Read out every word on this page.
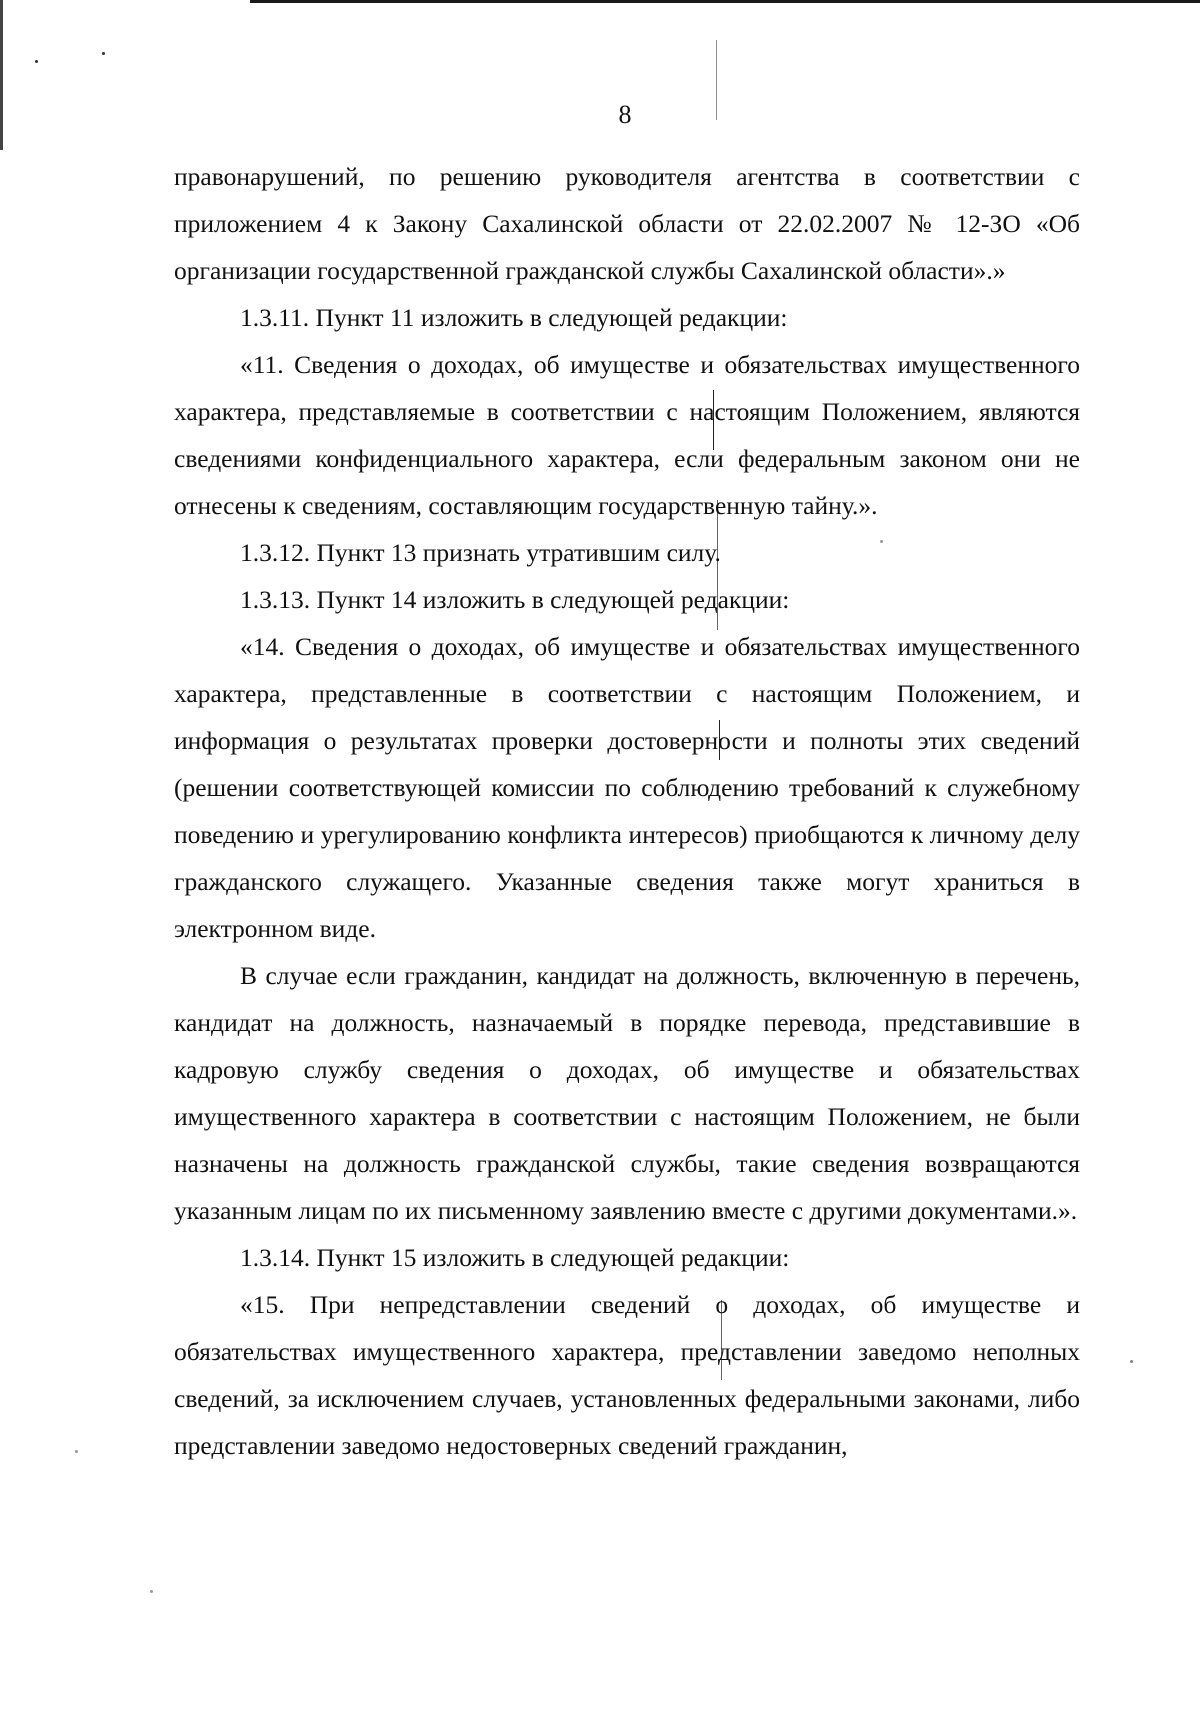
8

правонарушений, по решению руководителя агентства в соответствии с приложением 4 к Закону Сахалинской области от 22.02.2007 № 12-ЗО «Об организации государственной гражданской службы Сахалинской области».»

1.3.11. Пункт 11 изложить в следующей редакции:

«11. Сведения о доходах, об имуществе и обязательствах имущественного характера, представляемые в соответствии с настоящим Положением, являются сведениями конфиденциального характера, если федеральным законом они не отнесены к сведениям, составляющим государственную тайну.».

1.3.12. Пункт 13 признать утратившим силу.

1.3.13. Пункт 14 изложить в следующей редакции:

«14. Сведения о доходах, об имуществе и обязательствах имущественного характера, представленные в соответствии с настоящим Положением, и информация о результатах проверки достоверности и полноты этих сведений (решении соответствующей комиссии по соблюдению требований к служебному поведению и урегулированию конфликта интересов) приобщаются к личному делу гражданского служащего. Указанные сведения также могут храниться в электронном виде.

В случае если гражданин, кандидат на должность, включенную в перечень, кандидат на должность, назначаемый в порядке перевода, представившие в кадровую службу сведения о доходах, об имуществе и обязательствах имущественного характера в соответствии с настоящим Положением, не были назначены на должность гражданской службы, такие сведения возвращаются указанным лицам по их письменному заявлению вместе с другими документами.».

1.3.14. Пункт 15 изложить в следующей редакции:

«15. При непредставлении сведений о доходах, об имуществе и обязательствах имущественного характера, представлении заведомо неполных сведений, за исключением случаев, установленных федеральными законами, либо представлении заведомо недостоверных сведений гражданин,
